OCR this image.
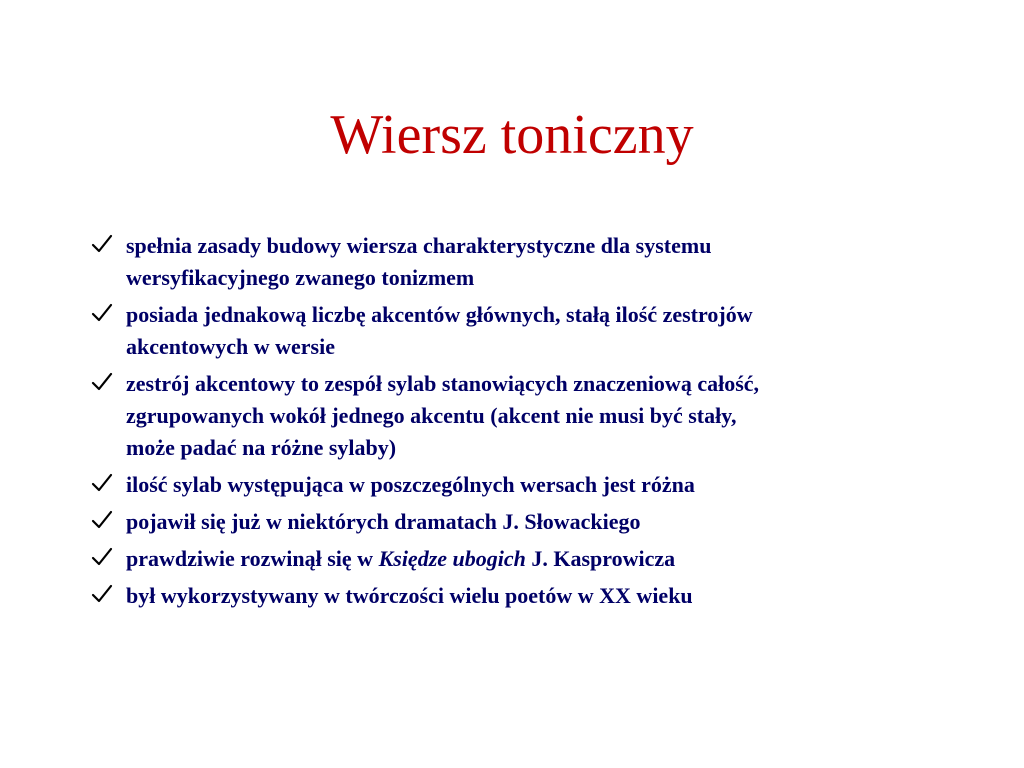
Wiersz toniczny
spełnia zasady budowy wiersza charakterystyczne dla systemu
wersyfikacyjnego zwanego tonizmem
posiada jednakową liczbę akcentów głównych, stałą ilość zestrojów
akcentowych w wersie
zestrój akcentowy to zespół sylab stanowiących znaczeniową całość,
zgrupowanych wokół jednego akcentu (akcent nie musi być stały,
może padać na różne sylaby)
ilość sylab występująca w poszczególnych wersach jest różna
pojawił się już w niektórych dramatach J. Słowackiego
prawdziwie rozwinął się w Księdze ubogich J. Kasprowicza
był wykorzystywany w twórczości wielu poetów w XX wieku
